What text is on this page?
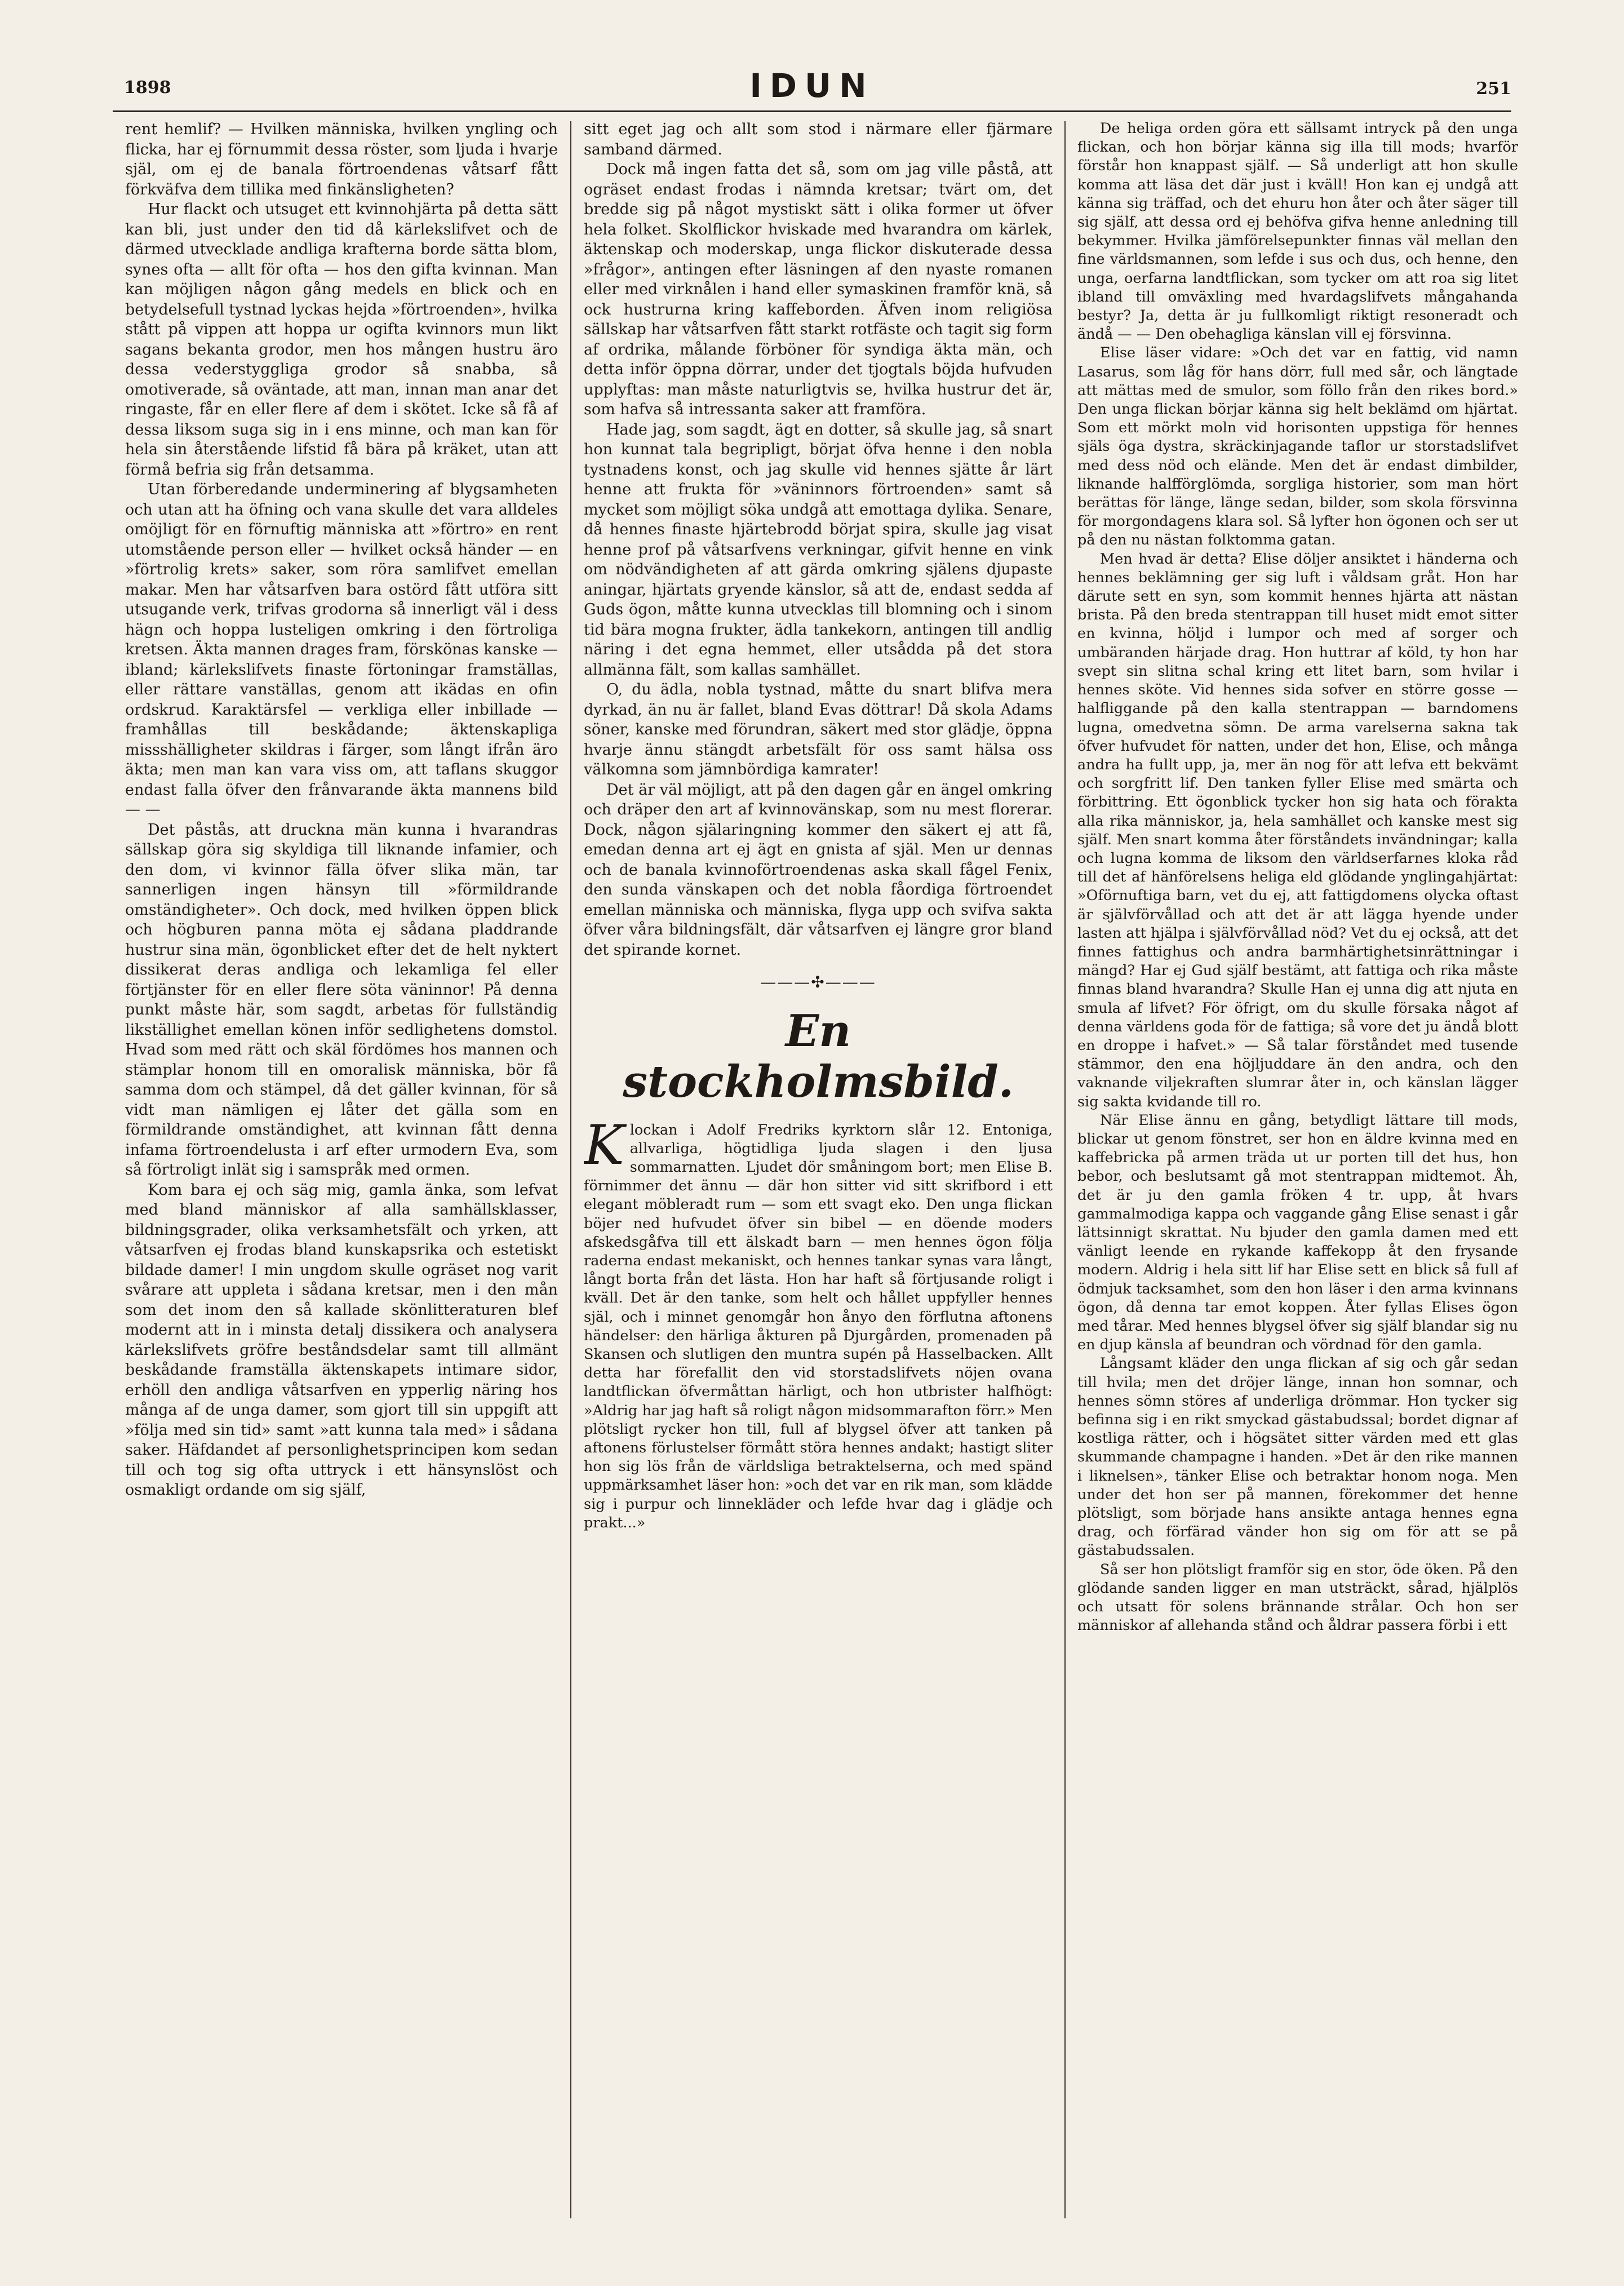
1898	IDUN	251

rent hemlif? — Hvilken människa, hvilken yngling och flicka, har ej förnummit dessa röster, som ljuda i hvarje själ, om ej de banala förtroendenas våtsarf fått förkväfva dem tillika med finkänsligheten?

Hur flackt och utsuget ett kvinnohjärta på detta sätt kan bli, just under den tid då kärlekslifvet och de därmed utvecklade andliga krafterna borde sätta blom, synes ofta — allt för ofta — hos den gifta kvinnan. Man kan möjligen någon gång medels en blick och en betydelsefull tystnad lyckas hejda »förtroenden», hvilka stått på vippen att hoppa ur ogifta kvinnors mun likt sagans bekanta grodor, men hos mången hustru äro dessa vederstyggliga grodor så snabba, så omotiverade, så oväntade, att man, innan man anar det ringaste, får en eller flere af dem i skötet. Icke så få af dessa liksom suga sig in i ens minne, och man kan för hela sin återstående lifstid få bära på kräket, utan att förmå befria sig från detsamma.

Utan förberedande underminering af blygsamheten och utan att ha öfning och vana skulle det vara alldeles omöjligt för en förnuftig människa att »förtro» en rent utomstående person eller — hvilket också händer — en »förtrolig krets» saker, som röra samlifvet emellan makar. Men har våtsarfven bara ostörd fått utföra sitt utsugande verk, trifvas grodorna så innerligt väl i dess hägn och hoppa lusteligen omkring i den förtroliga kretsen. Äkta mannen drages fram, förskönas kanske — ibland; kärlekslifvets finaste förtoningar framställas, eller rättare vanställas, genom att ikädas en ofin ordskrud. Karaktärsfel — verkliga eller inbillade — framhållas till beskådande; äktenskapliga missshälligheter skildras i färger, som långt ifrån äro äkta; men man kan vara viss om, att taflans skuggor endast falla öfver den frånvarande äkta mannens bild — —

Det påstås, att druckna män kunna i hvarandras sällskap göra sig skyldiga till liknande infamier, och den dom, vi kvinnor fälla öfver slika män, tar sannerligen ingen hänsyn till »förmildrande omständigheter». Och dock, med hvilken öppen blick och högburen panna möta ej sådana pladdrande hustrur sina män, ögonblicket efter det de helt nyktert dissikerat deras andliga och lekamliga fel eller förtjänster för en eller flere söta väninnor! På denna punkt måste här, som sagdt, arbetas för fullständig likställighet emellan könen inför sedlighetens domstol. Hvad som med rätt och skäl fördömes hos mannen och stämplar honom till en omoralisk människa, bör få samma dom och stämpel, då det gäller kvinnan, för så vidt man nämligen ej låter det gälla som en förmildrande omständighet, att kvinnan fått denna infama förtroendelusta i arf efter urmodern Eva, som så förtroligt inlät sig i samspråk med ormen.

Kom bara ej och säg mig, gamla änka, som lefvat med bland människor af alla samhällsklasser, bildningsgrader, olika verksamhetsfält och yrken, att våtsarfven ej frodas bland kunskapsrika och estetiskt bildade damer! I min ungdom skulle ogräset nog varit svårare att uppleta i sådana kretsar, men i den mån som det inom den så kallade skönlitteraturen blef modernt att in i minsta detalj dissikera och analysera kärlekslifvets gröfre beståndsdelar samt till allmänt beskådande framställa äktenskapets intimare sidor, erhöll den andliga våtsarfven en ypperlig näring hos många af de unga damer, som gjort till sin uppgift att »följa med sin tid» samt »att kunna tala med» i sådana saker. Häfdandet af personlighetsprincipen kom sedan till och tog sig ofta uttryck i ett hänsynslöst och osmakligt ordande om sig själf,

sitt eget jag och allt som stod i närmare eller fjärmare samband därmed.

Dock må ingen fatta det så, som om jag ville påstå, att ogräset endast frodas i nämnda kretsar; tvärt om, det bredde sig på något mystiskt sätt i olika former ut öfver hela folket. Skolflickor hviskade med hvarandra om kärlek, äktenskap och moderskap, unga flickor diskuterade dessa »frågor», antingen efter läsningen af den nyaste romanen eller med virknålen i hand eller symaskinen framför knä, så ock hustrurna kring kaffeborden. Äfven inom religiösa sällskap har våtsarfven fått starkt rotfäste och tagit sig form af ordrika, målande förböner för syndiga äkta män, och detta inför öppna dörrar, under det tjogtals böjda hufvuden upplyftas: man måste naturligtvis se, hvilka hustrur det är, som hafva så intressanta saker att framföra.

Hade jag, som sagdt, ägt en dotter, så skulle jag, så snart hon kunnat tala begripligt, börjat öfva henne i den nobla tystnadens konst, och jag skulle vid hennes sjätte år lärt henne att frukta för »väninnors förtroenden» samt så mycket som möjligt söka undgå att emottaga dylika. Senare, då hennes finaste hjärtebrodd börjat spira, skulle jag visat henne prof på våtsarfvens verkningar, gifvit henne en vink om nödvändigheten af att gärda omkring själens djupaste aningar, hjärtats gryende känslor, så att de, endast sedda af Guds ögon, måtte kunna utvecklas till blomning och i sinom tid bära mogna frukter, ädla tankekorn, antingen till andlig näring i det egna hemmet, eller utsådda på det stora allmänna fält, som kallas samhället.

O, du ädla, nobla tystnad, måtte du snart blifva mera dyrkad, än nu är fallet, bland Evas döttrar! Då skola Adams söner, kanske med förundran, säkert med stor glädje, öppna hvarje ännu stängdt arbetsfält för oss samt hälsa oss välkomna som jämnbördiga kamrater!

Det är väl möjligt, att på den dagen går en ängel omkring och dräper den art af kvinnovänskap, som nu mest florerar. Dock, någon själaringning kommer den säkert ej att få, emedan denna art ej ägt en gnista af själ. Men ur dennas och de banala kvinnoförtroendenas aska skall fågel Fenix, den sunda vänskapen och det nobla fåordiga förtroendet emellan människa och människa, flyga upp och svifva sakta öfver våra bildningsfält, där våtsarfven ej längre gror bland det spirande kornet.

———✣———
En stockholmsbild.

Klockan i Adolf Fredriks kyrktorn slår 12. Entoniga, allvarliga, högtidliga ljuda slagen i den ljusa sommarnatten. Ljudet dör småningom bort; men Elise B. förnimmer det ännu — där hon sitter vid sitt skrifbord i ett elegant möbleradt rum — som ett svagt eko. Den unga flickan böjer ned hufvudet öfver sin bibel — en döende moders afskedsgåfva till ett älskadt barn — men hennes ögon följa raderna endast mekaniskt, och hennes tankar synas vara långt, långt borta från det lästa. Hon har haft så förtjusande roligt i kväll. Det är den tanke, som helt och hållet uppfyller hennes själ, och i minnet genomgår hon ånyo den förflutna aftonens händelser: den härliga åkturen på Djurgården, promenaden på Skansen och slutligen den muntra supén på Hasselbacken. Allt detta har förefallit den vid storstadslifvets nöjen ovana landtflickan öfvermåttan härligt, och hon utbrister halfhögt: »Aldrig har jag haft så roligt någon midsommarafton förr.» Men plötsligt rycker hon till, full af blygsel öfver att tanken på aftonens förlustelser förmått störa hennes andakt; hastigt sliter hon sig lös från de världsliga betraktelserna, och med spänd uppmärksamhet läser hon: »och det var en rik man, som klädde sig i purpur och linnekläder och lefde hvar dag i glädje och prakt...»

De heliga orden göra ett sällsamt intryck på den unga flickan, och hon börjar känna sig illa till mods; hvarför förstår hon knappast själf. — Så underligt att hon skulle komma att läsa det där just i kväll! Hon kan ej undgå att känna sig träffad, och det ehuru hon åter och åter säger till sig själf, att dessa ord ej behöfva gifva henne anledning till bekymmer. Hvilka jämförelsepunkter finnas väl mellan den fine världsmannen, som lefde i sus och dus, och henne, den unga, oerfarna landtflickan, som tycker om att roa sig litet ibland till omväxling med hvardagslifvets mångahanda bestyr? Ja, detta är ju fullkomligt riktigt resoneradt och ändå — — Den obehagliga känslan vill ej försvinna.

Elise läser vidare: »Och det var en fattig, vid namn Lasarus, som låg för hans dörr, full med sår, och längtade att mättas med de smulor, som föllo från den rikes bord.» Den unga flickan börjar känna sig helt beklämd om hjärtat. Som ett mörkt moln vid horisonten uppstiga för hennes själs öga dystra, skräckinjagande taflor ur storstadslifvet med dess nöd och elände. Men det är endast dimbilder, liknande halfförglömda, sorgliga historier, som man hört berättas för länge, länge sedan, bilder, som skola försvinna för morgondagens klara sol. Så lyfter hon ögonen och ser ut på den nu nästan folktomma gatan.

Men hvad är detta? Elise döljer ansiktet i händerna och hennes beklämning ger sig luft i våldsam gråt. Hon har därute sett en syn, som kommit hennes hjärta att nästan brista. På den breda stentrappan till huset midt emot sitter en kvinna, höljd i lumpor och med af sorger och umbäranden härjade drag. Hon huttrar af köld, ty hon har svept sin slitna schal kring ett litet barn, som hvilar i hennes sköte. Vid hennes sida sofver en större gosse — halfliggande på den kalla stentrappan — barndomens lugna, omedvetna sömn. De arma varelserna sakna tak öfver hufvudet för natten, under det hon, Elise, och många andra ha fullt upp, ja, mer än nog för att lefva ett bekvämt och sorgfritt lif. Den tanken fyller Elise med smärta och förbittring. Ett ögonblick tycker hon sig hata och förakta alla rika människor, ja, hela samhället och kanske mest sig själf. Men snart komma åter förståndets invändningar; kalla och lugna komma de liksom den världserfarnes kloka råd till det af hänförelsens heliga eld glödande ynglingahjärtat: »Oförnuftiga barn, vet du ej, att fattigdomens olycka oftast är självförvållad och att det är att lägga hyende under lasten att hjälpa i självförvållad nöd? Vet du ej också, att det finnes fattighus och andra barmhärtighetsinrättningar i mängd? Har ej Gud själf bestämt, att fattiga och rika måste finnas bland hvarandra? Skulle Han ej unna dig att njuta en smula af lifvet? För öfrigt, om du skulle försaka något af denna världens goda för de fattiga; så vore det ju ändå blott en droppe i hafvet.» — Så talar förståndet med tusende stämmor, den ena höjljuddare än den andra, och den vaknande viljekraften slumrar åter in, och känslan lägger sig sakta kvidande till ro.

När Elise ännu en gång, betydligt lättare till mods, blickar ut genom fönstret, ser hon en äldre kvinna med en kaffebricka på armen träda ut ur porten till det hus, hon bebor, och beslutsamt gå mot stentrappan midtemot. Åh, det är ju den gamla fröken 4 tr. upp, åt hvars gammalmodiga kappa och vaggande gång Elise senast i går lättsinnigt skrattat. Nu bjuder den gamla damen med ett vänligt leende en rykande kaffekopp åt den frysande modern. Aldrig i hela sitt lif har Elise sett en blick så full af ödmjuk tacksamhet, som den hon läser i den arma kvinnans ögon, då denna tar emot koppen. Åter fyllas Elises ögon med tårar. Med hennes blygsel öfver sig själf blandar sig nu en djup känsla af beundran och vördnad för den gamla.

Långsamt kläder den unga flickan af sig och går sedan till hvila; men det dröjer länge, innan hon somnar, och hennes sömn störes af underliga drömmar. Hon tycker sig befinna sig i en rikt smyckad gästabudssal; bordet dignar af kostliga rätter, och i högsätet sitter värden med ett glas skummande champagne i handen. »Det är den rike mannen i liknelsen», tänker Elise och betraktar honom noga. Men under det hon ser på mannen, förekommer det henne plötsligt, som började hans ansikte antaga hennes egna drag, och förfärad vänder hon sig om för att se på gästabudssalen.

Så ser hon plötsligt framför sig en stor, öde öken. På den glödande sanden ligger en man utsträckt, sårad, hjälplös och utsatt för solens brännande strålar. Och hon ser människor af allehanda stånd och åldrar passera förbi i ett
